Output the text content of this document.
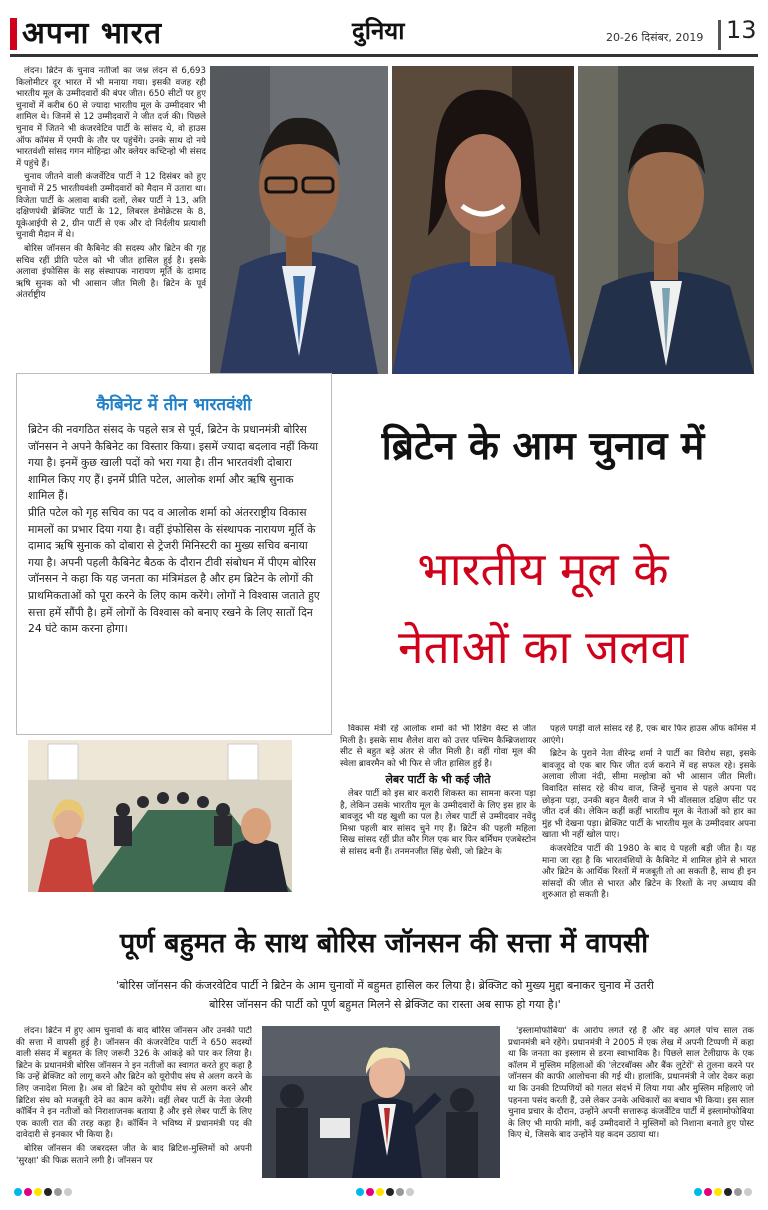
अपना भारत	दुनिया	20-26 दिसंबर, 2019 13

लंदन। ब्रिटेन के चुनाव नतीजों का जश्न लंदन से 6,693 किलोमीटर दूर भारत में भी मनाया गया। इसकी वजह रही भारतीय मूल के उम्मीदवारों की बंपर जीत। 650 सीटों पर हुए चुनावों में करीब 60 से ज्यादा भारतीय मूल के उम्मीदवार भी शामिल थे। जिनमें से 12 उम्मीदवारों ने जीत दर्ज की। पिछले चुनाव में जितने भी कंजरवेटिव पार्टी के सांसद थे, वो हाउस ऑफ कॉमंस में एमपी के तौर पर पहुंचेंगे। उनके साथ दो नये भारतवंशी सांसद गगन मोहिन्द्रा और क्लेयर कच्टिन्हो भी संसद में पहुंचे हैं।

चुनाव जीतने वाली कंजर्वेटिव पार्टी ने 12 दिसंबर को हुए चुनावों में 25 भारतीयवंशी उम्मीदवारों को मैदान में उतारा था। विजेता पार्टी के अलावा बाकी दलों, लेबर पार्टी ने 13, अति दक्षिणपंथी ब्रेक्जिट पार्टी के 12, लिबरल डेमोक्रेटस के 8, यूकेआईपी से 2, ग्रीन पार्टी से एक और दो निर्दलीय प्रत्याशी चुनावी मैदान में थे।

बोरिस जॉनसन की कैबिनेट की सदस्य और ब्रिटेन की गृह सचिव रहीं प्रीति पटेल को भी जीत हासिल हुई है। इसके अलावा इंफोसिस के सह संस्थापक नारायण मूर्ति के दामाद ऋषि सुनक को भी आसान जीत मिली है। ब्रिटेन के पूर्व अंतर्राष्ट्रीय

कैबिनेट में तीन भारतवंशी

ब्रिटेन की नवगठित संसद के पहले सत्र से पूर्व, ब्रिटेन के प्रधानमंत्री बोरिस जॉनसन ने अपने कैबिनेट का विस्तार किया। इसमें ज्यादा बदलाव नहीं किया गया है। इनमें कुछ खाली पदों को भरा गया है। तीन भारतवंशी दोबारा शामिल किए गए हैं। इनमें प्रीति पटेल, आलोक शर्मा और ऋषि सुनाक शामिल हैं।

प्रीति पटेल को गृह सचिव का पद व आलोक शर्मा को अंतरराष्ट्रीय विकास मामलों का प्रभार दिया गया है। वहीं इंफोसिस के संस्थापक नारायण मूर्ति के दामाद ऋषि सुनाक को दोबारा से ट्रेजरी मिनिस्टरी का मुख्य सचिव बनाया गया है। अपनी पहली कैबिनेट बैठक के दौरान टीवी संबोधन में पीएम बोरिस जॉनसन ने कहा कि यह जनता का मंत्रिमंडल है और हम ब्रिटेन के लोगों की प्राथमिकताओं को पूरा करने के लिए काम करेंगे। लोगों ने विश्वास जताते हुए सत्ता हमें सौंपी है। हमें लोगों के विश्वास को बनाए रखने के लिए सातों दिन 24 घंटे काम करना होगा।

ब्रिटेन के आम चुनाव में
भारतीय मूल के
नेताओं का जलवा

विकास मंत्री रहे आलोक शर्मा को भी रिडिंग वेस्ट से जीत मिली है। इसके साथ शैलेश वारा को उत्तर पश्चिम कैम्ब्रिजशायर सीट से बहुत बड़े अंतर से जीत मिली है। वहीं गोवा मूल की स्वेला ब्रावरमैन को भी फिर से जीत हासिल हुई है।

लेबर पार्टी के भी कई जीते

लेबर पार्टी को इस बार करारी शिकस्त का सामना करना पड़ा है, लेकिन उसके भारतीय मूल के उम्मीदवारों के लिए इस हार के बावजूद भी यह खुशी का पल है। लेबर पार्टी से उम्मीदवार नवेंदु मिश्रा पहली बार सांसद चुने गए हैं। ब्रिटेन की पहली महिला सिख सांसद रहीं प्रीत कौर गिल एक बार फिर बर्मिंघम एजबेस्टोन से सांसद बनी हैं। तनमनजीत सिंह धेसी, जो ब्रिटेन के

पहले पगड़ी वाले सांसद रहे हैं, एक बार फिर हाउस ऑफ कॉमंस में आएंगे।

ब्रिटेन के पुराने नेता वीरेन्द्र शर्मा ने पार्टी का विरोध सहा, इसके बावजूद वो एक बार फिर जीत दर्ज कराने में वह सफल रहे। इसके अलावा लीजा नंदी, सीमा मल्होत्रा को भी आसान जीत मिली। विवादित सांसद रहे कीथ वाज, जिन्हें चुनाव से पहले अपना पद छोड़ना पड़ा, उनकी बहन वैलरी वाज ने भी वॉलसाल दक्षिण सीट पर जीत दर्ज की। लेकिन कहीं कहीं भारतीय मूल के नेताओं को हार का मुंह भी देखना पड़ा। ब्रेक्जिट पार्टी के भारतीय मूल के उम्मीदवार अपना खाता भी नहीं खोल पाए।

कंजरवेटिव पार्टी की 1980 के बाद ये पहली बड़ी जीत है। यह माना जा रहा है कि भारतवंशियों के कैबिनेट में शामिल होने से भारत और ब्रिटेन के आर्थिक रिश्तों में मजबूती तो आ सकती है, साथ ही इन सांसदों की जीत से भारत और ब्रिटेन के रिश्तों के नए अध्याय की शुरुआत हो सकती है।

पूर्ण बहुमत के साथ बोरिस जॉनसन की सत्ता में वापसी
'बोरिस जॉनसन की कंजरवेटिव पार्टी ने ब्रिटेन के आम चुनावों में बहुमत हासिल कर लिया है। ब्रेक्जिट को मुख्य मुद्दा बनाकर चुनाव में उतरी
बोरिस जॉनसन की पार्टी को पूर्ण बहुमत मिलने से ब्रेक्जिट का रास्ता अब साफ हो गया है।'

लंदन। ब्रिटेन में हुए आम चुनावों के बाद बोरिस जॉनसन और उनकी पार्टी की सत्ता में वापसी हुई है। जॉनसन की कंजरवेटिव पार्टी ने 650 सदस्यों वाली संसद में बहुमत के लिए जरूरी 326 के आंकड़े को पार कर लिया है। ब्रिटेन के प्रधानमंत्री बोरिस जॉनसन ने इन नतीजों का स्वागत करते हुए कहा है कि उन्हें ब्रेक्जिट को लागू करने और ब्रिटेन को यूरोपीय संघ से अलग करने के लिए जनादेश मिला है। अब वो ब्रिटेन को यूरोपीय संघ से अलग करने और ब्रिटिश संघ को मजबूती देने का काम करेंगे। वहीं लेबर पार्टी के नेता जेरमी कॉर्बिन ने इन नतीजों को निराशाजनक बताया है और इसे लेबर पार्टी के लिए एक काली रात की तरह कहा है। कॉर्बिन ने भविष्य में प्रधानमंत्री पद की दावेदारी से इनकार भी किया है।

बोरिस जॉनसन की जबरदस्त जीत के बाद ब्रिटिश-मुस्लिमों को अपनी 'सुरक्षा' की फिक्र सताने लगी है। जॉनसन पर

'इस्लामोफोबिया' के आरोप लगते रहे हैं और वह अगले पांच साल तक प्रधानमंत्री बने रहेंगे। प्रधानमंत्री ने 2005 में एक लेख में अपनी टिप्पणी में कहा था कि जनता का इस्लाम से डरना स्वाभाविक है। पिछले साल टेलीग्राफ के एक कॉलम में मुस्लिम महिलाओं की 'लेटरबॉक्स और बैंक लुटेरों' से तुलना करने पर जॉनसन की काफी आलोचना की गई थी। हालांकि, प्रधानमंत्री ने जोर देकर कहा था कि उनकी टिप्पणियों को गलत संदर्भ में लिया गया और मुस्लिम महिलाएं जो पहनना पसंद करती हैं, उसे लेकर उनके अधिकारों का बचाव भी किया। इस साल चुनाव प्रचार के दौरान, उन्होंने अपनी सत्तारूढ़ कंजर्वेटिव पार्टी में इस्लामोफोबिया के लिए भी माफी मांगी, कई उम्मीदवारों ने मुस्लिमों को निशाना बनाते हुए पोस्ट किए थे, जिसके बाद उन्होंने यह कदम उठाया था।
